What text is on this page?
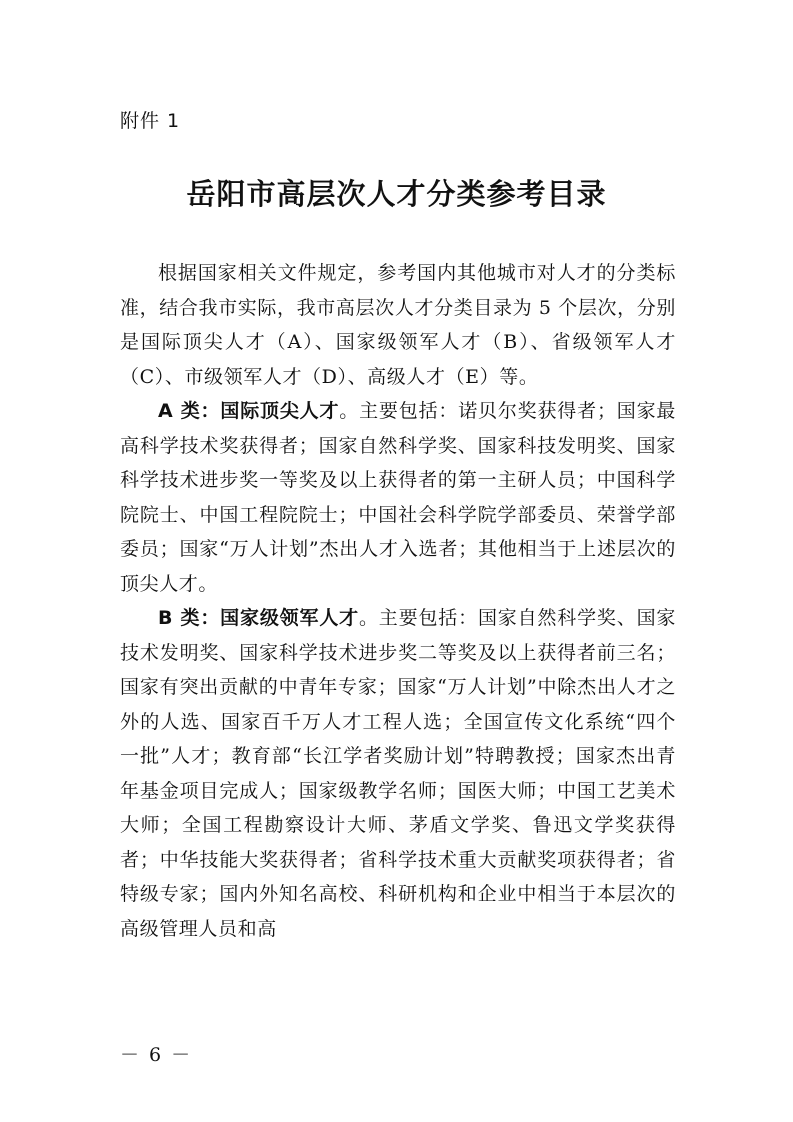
附件 1
岳阳市高层次人才分类参考目录

根据国家相关文件规定，参考国内其他城市对人才的分类标准，结合我市实际，我市高层次人才分类目录为 5 个层次，分别是国际顶尖人才（A）、国家级领军人才（B）、省级领军人才（C）、市级领军人才（D）、高级人才（E）等。

A 类：国际顶尖人才。主要包括：诺贝尔奖获得者；国家最高科学技术奖获得者；国家自然科学奖、国家科技发明奖、国家科学技术进步奖一等奖及以上获得者的第一主研人员；中国科学院院士、中国工程院院士；中国社会科学院学部委员、荣誉学部委员；国家“万人计划”杰出人才入选者；其他相当于上述层次的顶尖人才。

B 类：国家级领军人才。主要包括：国家自然科学奖、国家技术发明奖、国家科学技术进步奖二等奖及以上获得者前三名；国家有突出贡献的中青年专家；国家“万人计划”中除杰出人才之外的人选、国家百千万人才工程人选；全国宣传文化系统“四个一批”人才；教育部“长江学者奖励计划”特聘教授；国家杰出青年基金项目完成人；国家级教学名师；国医大师；中国工艺美术大师；全国工程勘察设计大师、茅盾文学奖、鲁迅文学奖获得者；中华技能大奖获得者；省科学技术重大贡献奖项获得者；省特级专家；国内外知名高校、科研机构和企业中相当于本层次的高级管理人员和高

－ 6 －
